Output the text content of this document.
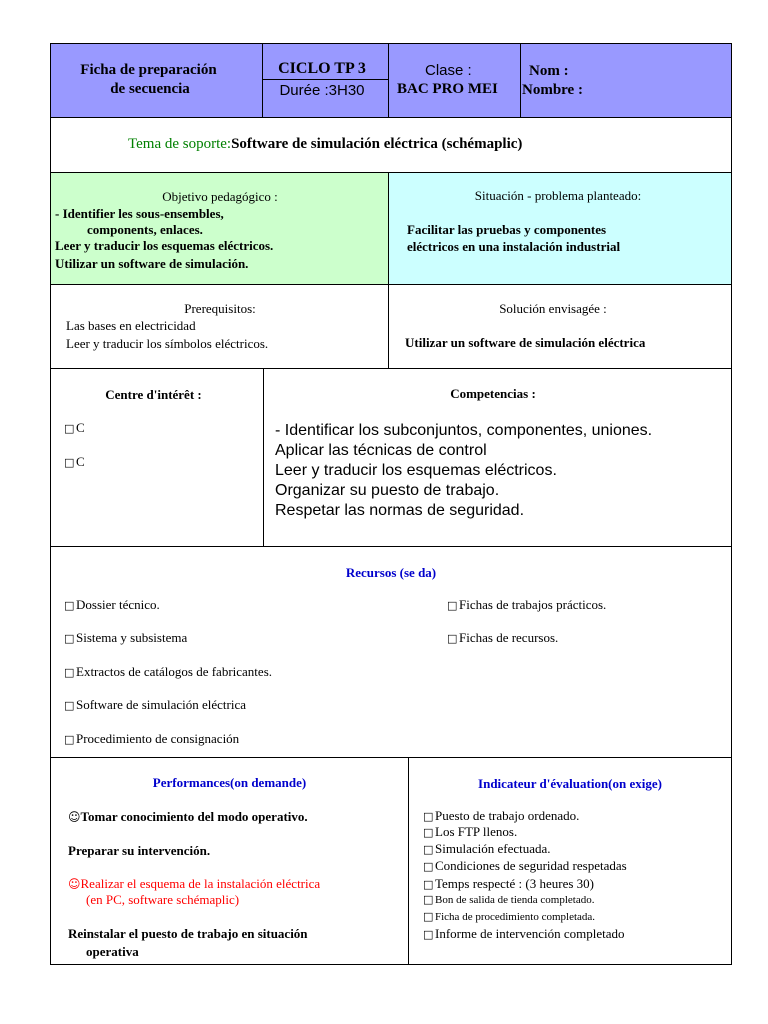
Ficha de preparación
de secuencia
CICLO TP 3
Durée :3H30
Clase :
BAC PRO MEI
Nom :
Nombre :
Tema de soporte:Software de simulación eléctrica (schémaplic)
Objetivo pedagógico :
- Identifier les sous-ensembles,
components, enlaces.
Leer y traducir los esquemas eléctricos.
Utilizar un software de simulación.
Situación - problema planteado:
Facilitar las pruebas y componentes
eléctricos en una instalación industrial
Prerequisitos:
Las bases en electricidad
Leer y traducir los símbolos eléctricos.
Solución envisagée :
Utilizar un software de simulación eléctrica
Centre d'intérêt :
□ C
□ C
Competencias :
- Identificar los subconjuntos, componentes, uniones.
Aplicar las técnicas de control
Leer y traducir los esquemas eléctricos.
Organizar su puesto de trabajo.
Respetar las normas de seguridad.
Recursos (se da)
□ Dossier técnico.
□ Sistema y subsistema
□ Extractos de catálogos de fabricantes.
□ Software de simulación eléctrica
□ Procedimiento de consignación
□ Fichas de trabajos prácticos.
□ Fichas de recursos.
Performances(on demande)
☺Tomar conocimiento del modo operativo.
Preparar su intervención.
☺Realizar el esquema de la instalación eléctrica
(en PC, software schémaplic)
Reinstalar el puesto de trabajo en situación
operativa
Indicateur d'évaluation(on exige)
□ Puesto de trabajo ordenado.
□ Los FTP llenos.
□ Simulación efectuada.
□ Condiciones de seguridad respetadas
□ Temps respecté : (3 heures 30)
□ Bon de salida de tienda completado.
□ Ficha de procedimiento completada.
□ Informe de intervención completado
